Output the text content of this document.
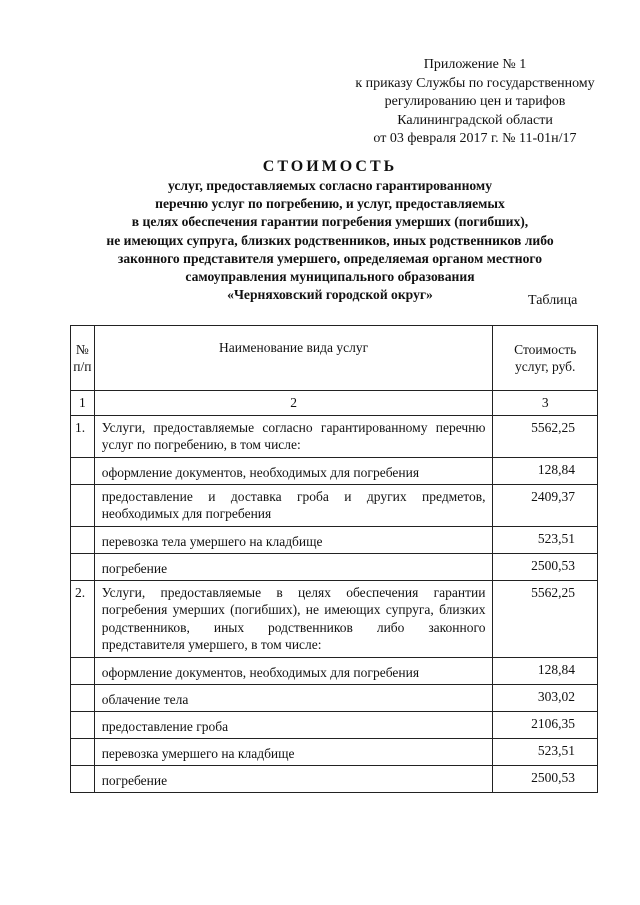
Приложение № 1
к приказу Службы по государственному
регулированию цен и тарифов
Калининградской области
от 03 февраля 2017 г. № 11-01н/17
СТОИМОСТЬ
услуг, предоставляемых согласно гарантированному
перечню услуг по погребению, и услуг, предоставляемых
в целях обеспечения гарантии погребения умерших (погибших),
не имеющих супруга, близких родственников, иных родственников либо
законного представителя умершего, определяемая органом местного
самоуправления муниципального образования
«Черняховский городской округ»	Таблица
№ п/п	Наименование вида услуг	Стоимость услуг, руб.
1	2	3
1.	Услуги, предоставляемые согласно гарантированному перечню услуг по погребению, в том числе:	5562,25
	оформление документов, необходимых для погребения	128,84
	предоставление и доставка гроба и других предметов, необходимых для погребения	2409,37
	перевозка тела умершего на кладбище	523,51
	погребение	2500,53
2.	Услуги, предоставляемые в целях обеспечения гарантии погребения умерших (погибших), не имеющих супруга, близких родственников, иных родственников либо законного представителя умершего, в том числе:	5562,25
	оформление документов, необходимых для погребения	128,84
	облачение тела	303,02
	предоставление гроба	2106,35
	перевозка умершего на кладбище	523,51
	погребение	2500,53
